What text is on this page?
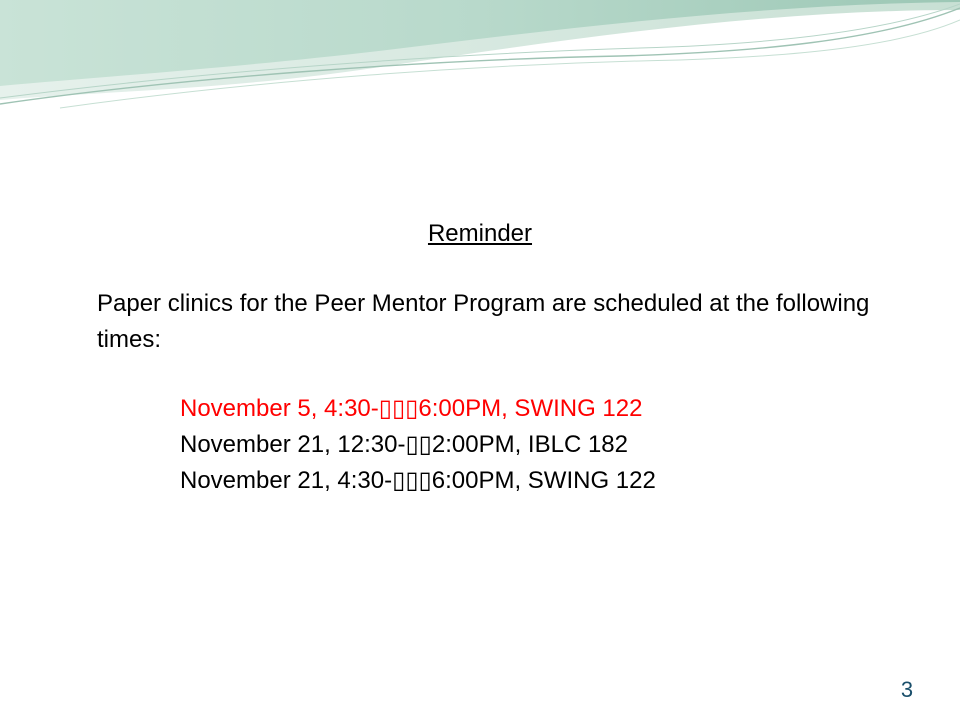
Reminder
Paper clinics for the Peer Mentor Program are scheduled at the following times:
November 5, 4:30-▯▯▯6:00PM, SWING 122
November 21, 12:30-▯▯2:00PM, IBLC 182
November 21, 4:30-▯▯▯6:00PM, SWING 122
3
